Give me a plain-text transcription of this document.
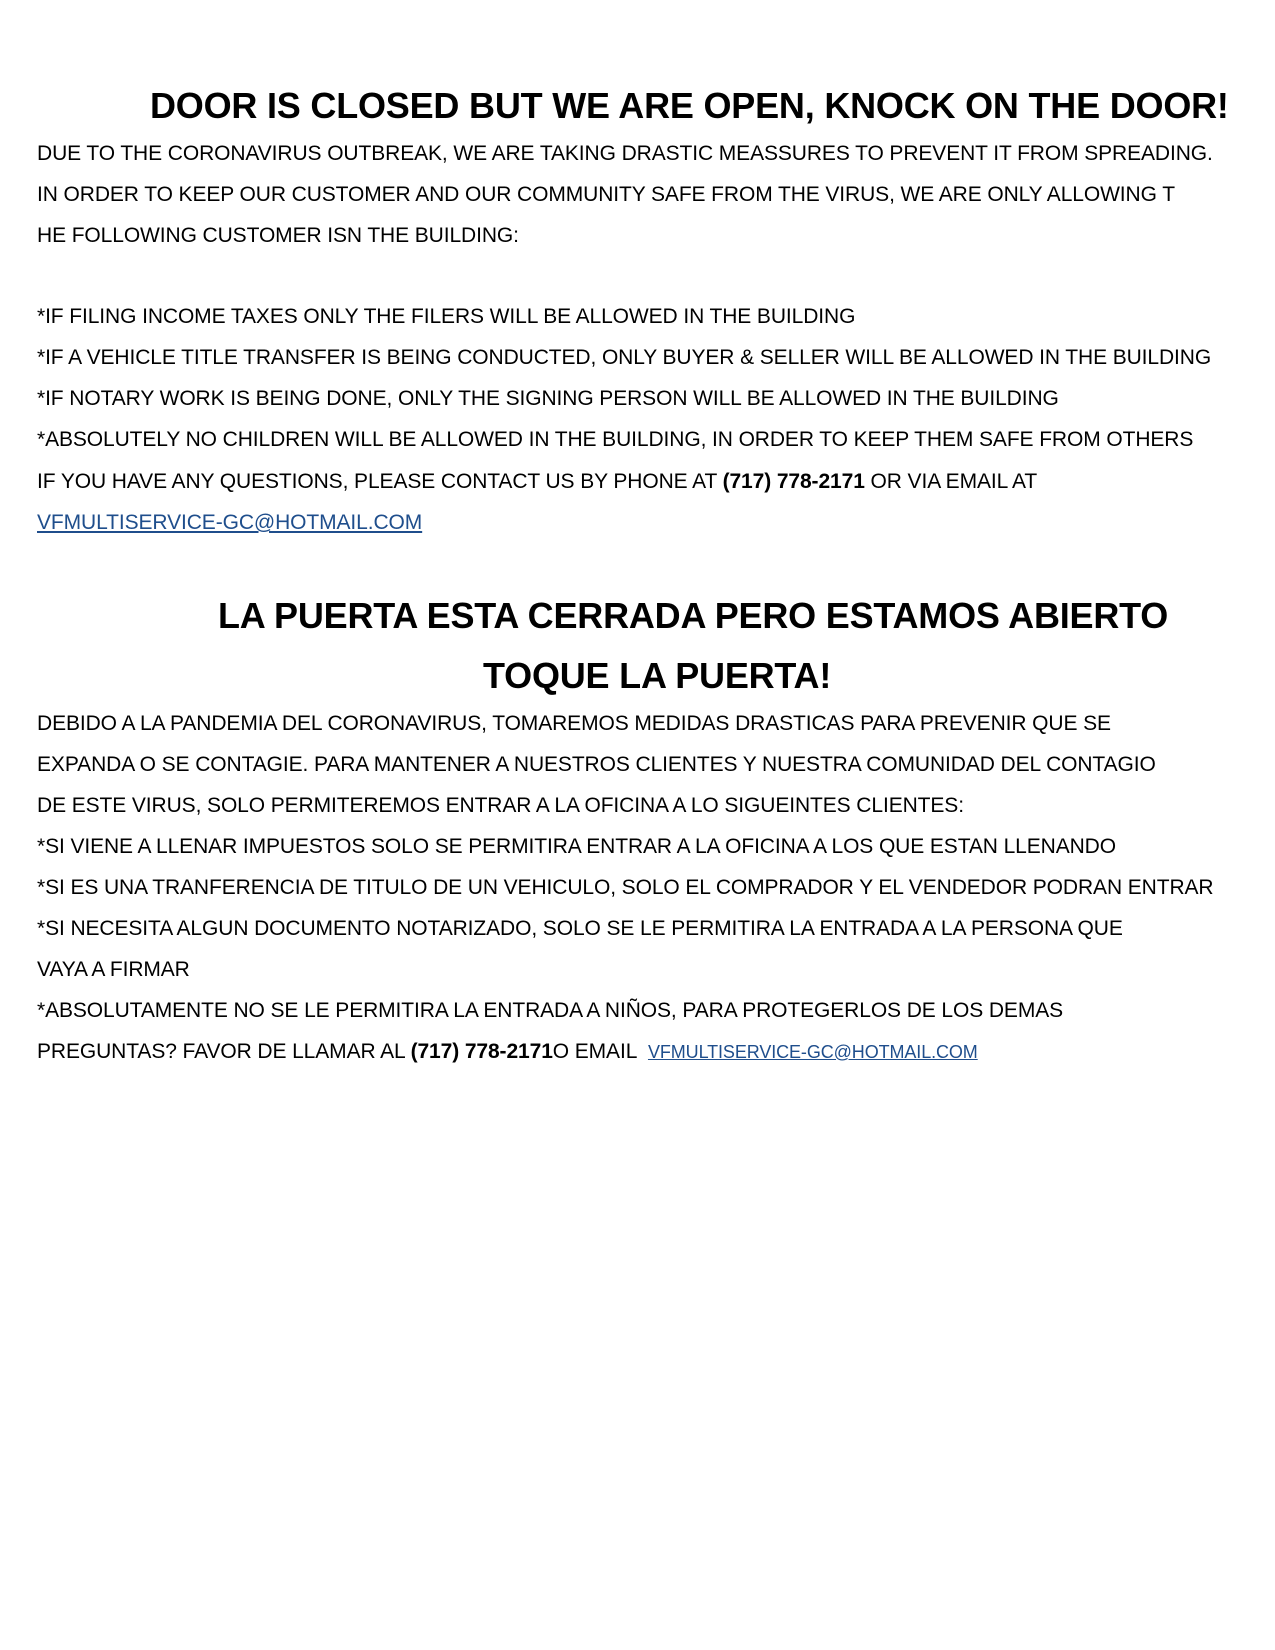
DOOR IS CLOSED BUT WE ARE OPEN, KNOCK ON THE DOOR!
DUE TO THE CORONAVIRUS OUTBREAK, WE ARE TAKING DRASTIC MEASSURES TO PREVENT IT FROM SPREADING.
IN ORDER TO KEEP OUR CUSTOMER AND OUR COMMUNITY SAFE FROM THE VIRUS, WE ARE ONLY ALLOWING T
HE FOLLOWING CUSTOMER ISN THE BUILDING:
*IF FILING INCOME TAXES ONLY THE FILERS WILL BE ALLOWED IN THE BUILDING
*IF A VEHICLE TITLE TRANSFER IS BEING CONDUCTED, ONLY BUYER & SELLER WILL BE ALLOWED IN THE BUILDING
*IF NOTARY WORK IS BEING DONE, ONLY THE SIGNING PERSON WILL BE ALLOWED IN THE BUILDING
*ABSOLUTELY NO CHILDREN WILL BE ALLOWED IN THE BUILDING, IN ORDER TO KEEP THEM SAFE FROM OTHERS
IF YOU HAVE ANY QUESTIONS, PLEASE CONTACT US BY PHONE AT (717) 778-2171 OR VIA EMAIL AT
VFMULTISERVICE-GC@HOTMAIL.COM
LA PUERTA ESTA CERRADA PERO ESTAMOS ABIERTO
TOQUE LA PUERTA!
DEBIDO A LA PANDEMIA DEL CORONAVIRUS, TOMAREMOS MEDIDAS DRASTICAS PARA PREVENIR QUE SE
EXPANDA O SE CONTAGIE. PARA MANTENER A NUESTROS CLIENTES Y NUESTRA COMUNIDAD DEL CONTAGIO
DE ESTE VIRUS, SOLO PERMITEREMOS ENTRAR A LA OFICINA A LO SIGUEINTES CLIENTES:
*SI VIENE A LLENAR IMPUESTOS SOLO SE PERMITIRA ENTRAR A LA OFICINA A LOS QUE ESTAN LLENANDO
*SI ES UNA TRANFERENCIA DE TITULO DE UN VEHICULO, SOLO EL COMPRADOR Y EL VENDEDOR PODRAN ENTRAR
*SI NECESITA ALGUN DOCUMENTO NOTARIZADO, SOLO SE LE PERMITIRA LA ENTRADA A LA PERSONA QUE
VAYA A FIRMAR
*ABSOLUTAMENTE NO SE LE PERMITIRA LA ENTRADA A NIÑOS, PARA PROTEGERLOS DE LOS DEMAS
PREGUNTAS? FAVOR DE LLAMAR AL (717) 778-2171O EMAIL  VFMULTISERVICE-GC@HOTMAIL.COM
